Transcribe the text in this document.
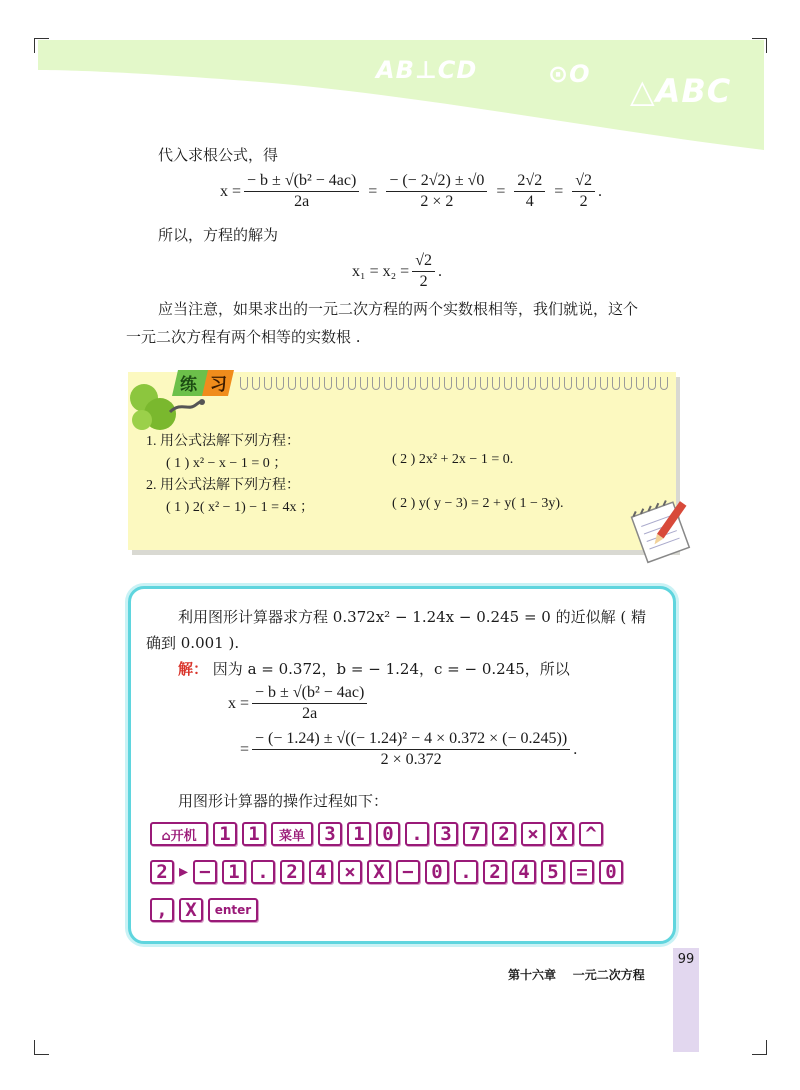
AB⊥CD	⊙O △ABC
代入求根公式，得
$x = \frac{\text{− b ± √(b² − 4ac)}}{2a} = \frac{- (- 2√2) \pm √0}{2 \times 2} = \frac{2√2}{4} = \frac{√2}{2}$ .
所以，方程的解为
$x_1 = x_2 = \frac{√2}{2}$ .
应当注意，如果求出的一元二次方程的两个实数根相等，我们就说，这个
一元二次方程有两个相等的实数根 .
练 习
1. 用公式法解下列方程：
( 1 ) x² − x − 1 = 0 ；	( 2 ) 2x² + 2x − 1 = 0.
2. 用公式法解下列方程：
( 1 ) 2( x² − 1) − 1 = 4x ；	( 2 ) y( y − 3) = 2 + y( 1 − 3y).
利用图形计算器求方程 0.372x² − 1.24x − 0.245 = 0 的近似解 ( 精
确到 0.001 ).
解： 因为 a = 0.372，b = − 1.24，c = − 0.245，所以
$x = \frac{\text{− b ± √(b² − 4ac)}}{2a}$
= $\frac{\text{− (− 1.24) ± √((− 1.24)² − 4 × 0.372 × (− 0.245))}}{2 \times 0.372}$ .
用图形计算器的操作过程如下：
⌂开机	1 1	菜单	3 1 0 . 3 7 2 × X ^
2 ▸ − 1 . 2 4 × X − 0 . 2 4 5 = 0
, X	enter
99
第十六章    一元二次方程
